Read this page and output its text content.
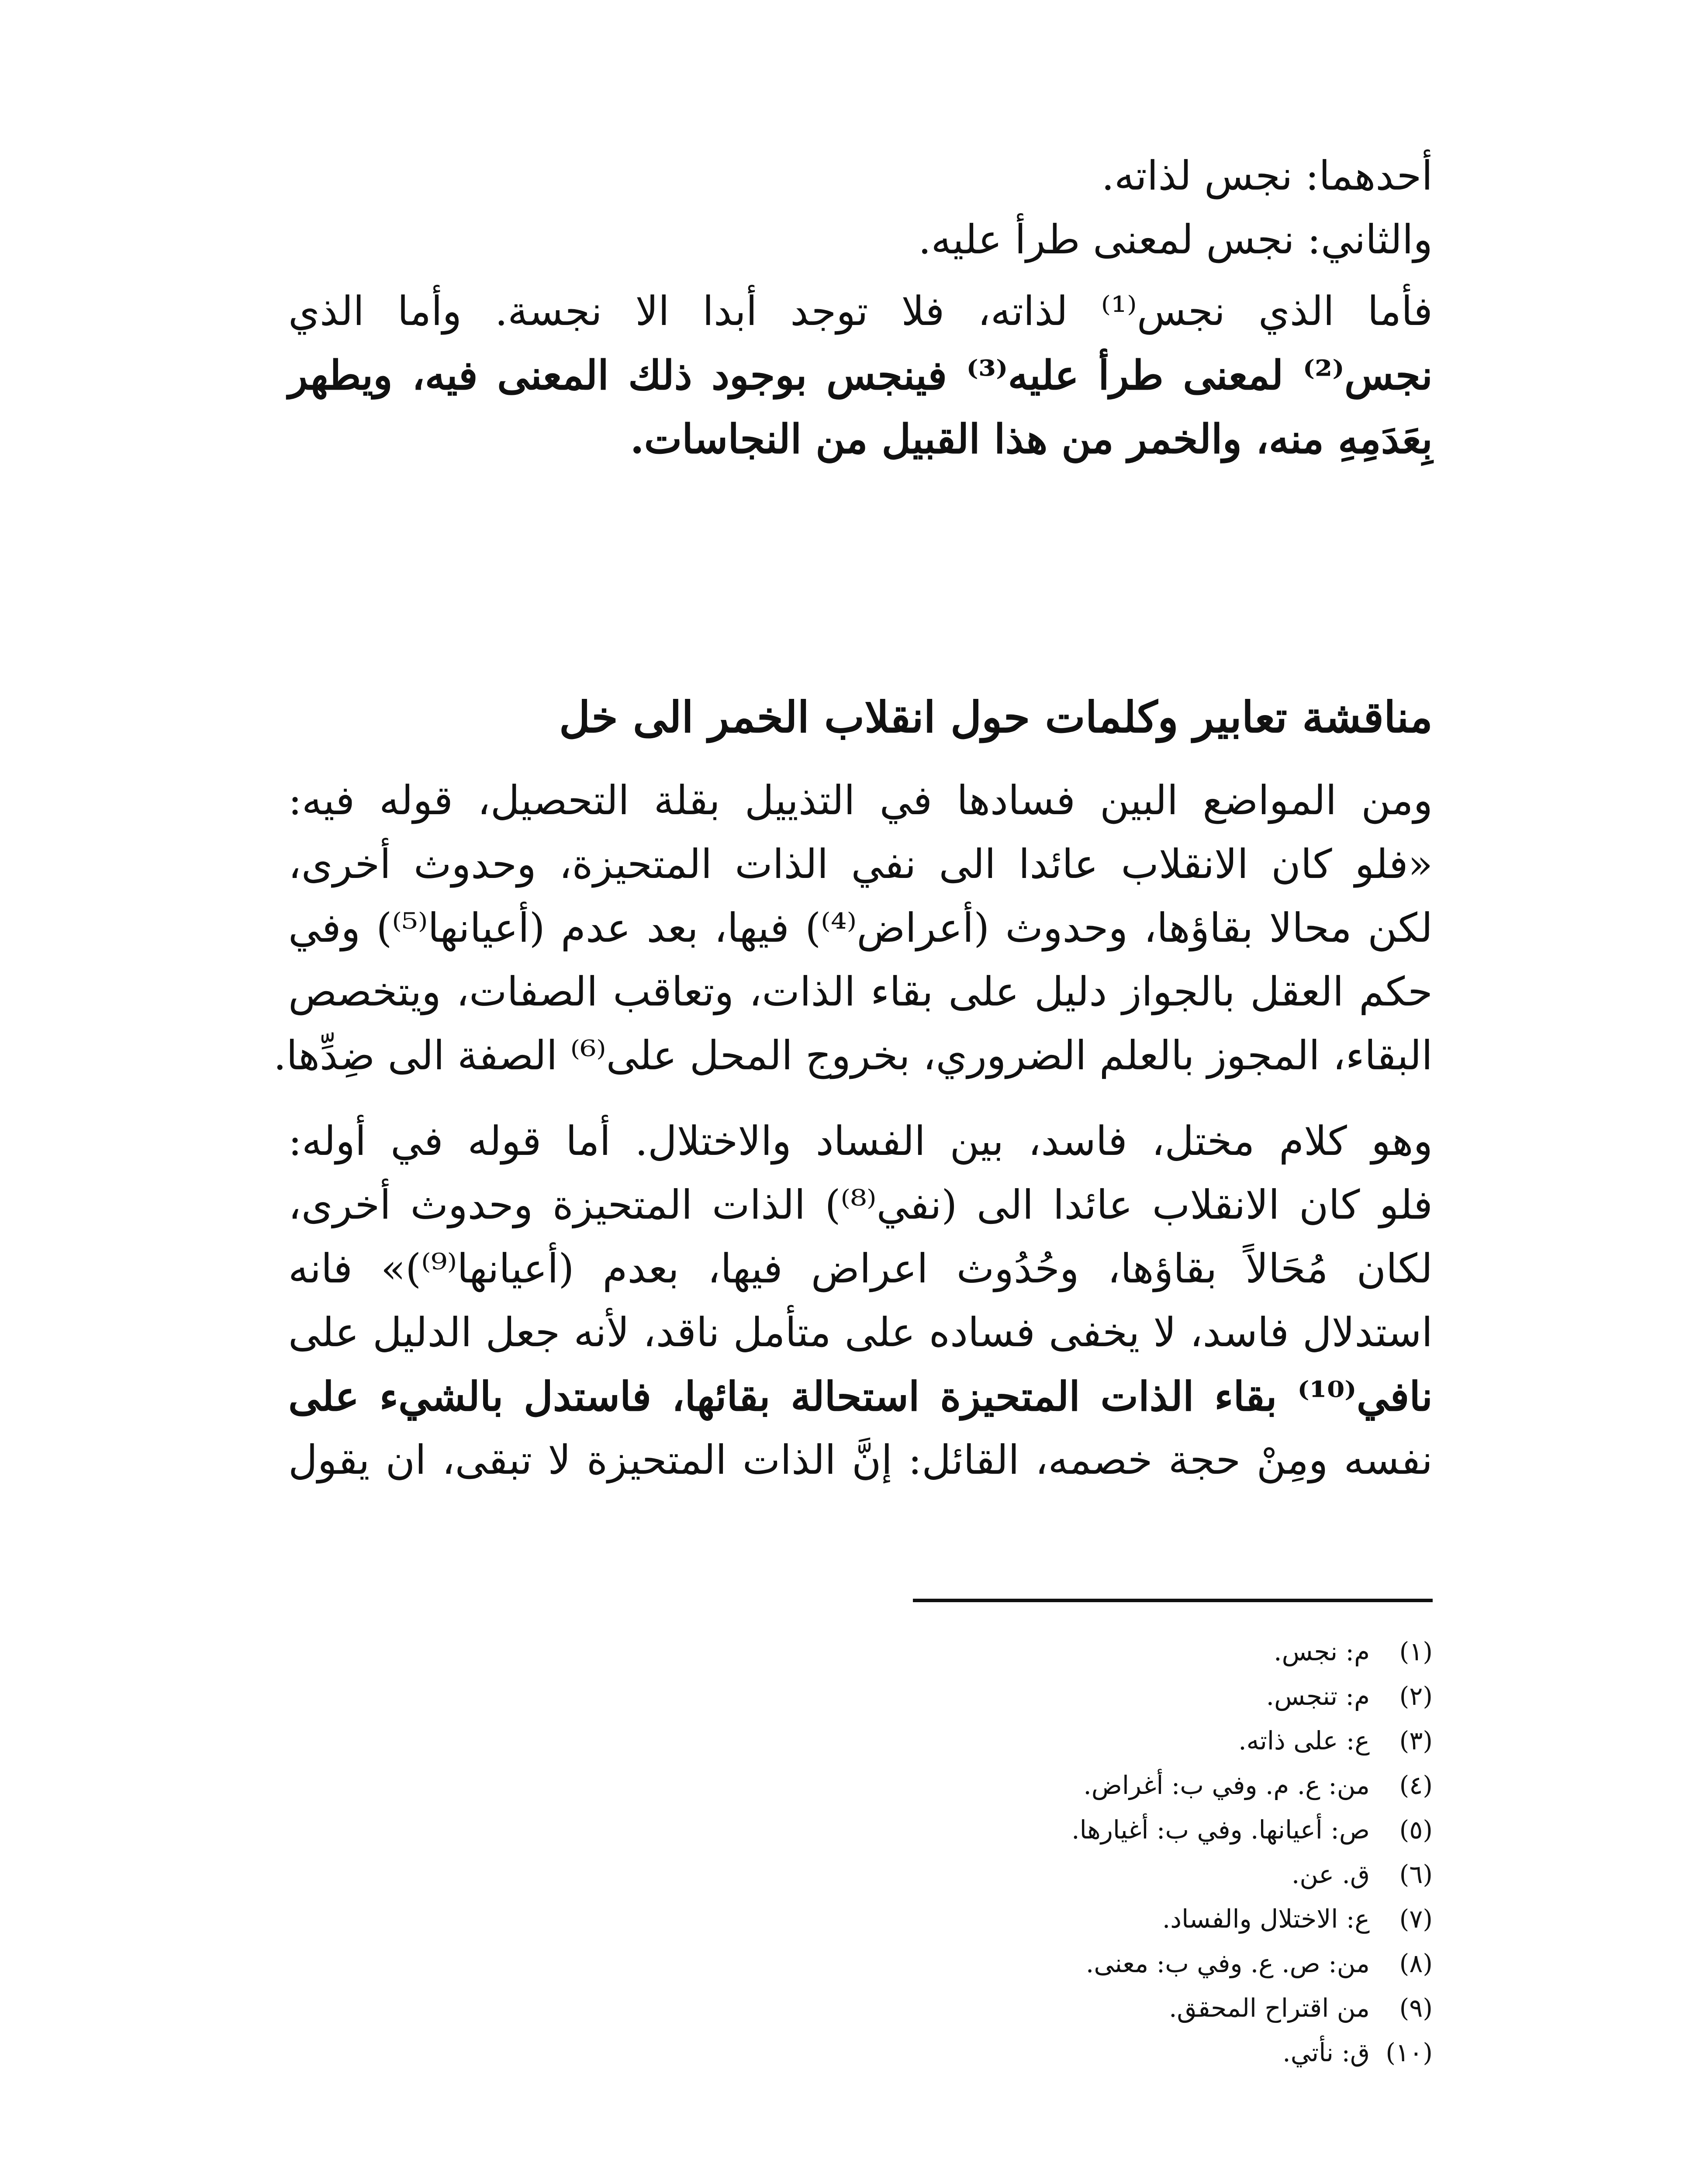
أحدهما: نجس لذاته.
والثاني: نجس لمعنى طرأ عليه.
فأما الذي نجس⁽¹⁾ لذاته، فلا توجد أبدا الا نجسة. وأما الذي
نجس⁽²⁾ لمعنى طرأ عليه⁽³⁾ فينجس بوجود ذلك المعنى فيه، ويطهر
بِعَدَمِهِ منه، والخمر من هذا القبيل من النجاسات.
مناقشة تعابير وكلمات حول انقلاب الخمر الى خل
ومن المواضع البين فسادها في التذييل بقلة التحصيل، قوله فيه:
«فلو كان الانقلاب عائدا الى نفي الذات المتحيزة، وحدوث أخرى،
لكن محالا بقاؤها، وحدوث (أعراض⁽⁴⁾) فيها، بعد عدم (أعيانها⁽⁵⁾) وفي
حكم العقل بالجواز دليل على بقاء الذات، وتعاقب الصفات، ويتخصص
البقاء، المجوز بالعلم الضروري، بخروج المحل على⁽⁶⁾ الصفة الى ضِدِّها.
وهو كلام مختل، فاسد، بين الفساد والاختلال. أما قوله في أوله:
فلو كان الانقلاب عائدا الى (نفي⁽⁸⁾) الذات المتحيزة وحدوث أخرى،
لكان مُحَالاً بقاؤها، وحُدُوث اعراض فيها، بعدم (أعيانها⁽⁹⁾)» فانه
استدلال فاسد، لا يخفى فساده على متأمل ناقد، لأنه جعل الدليل على
نافي⁽¹⁰⁾ بقاء الذات المتحيزة استحالة بقائها، فاستدل بالشيء على
نفسه ومِنْ حجة خصمه، القائل: إنَّ الذات المتحيزة لا تبقى، ان يقول
(١)م: نجس.
(٢)م: تنجس.
(٣)ع: على ذاته.
(٤)من: ع. م. وفي ب: أغراض.
(٥)ص: أعيانها. وفي ب: أغيارها.
(٦)ق. عن.
(٧)ع: الاختلال والفساد.
(٨)من: ص. ع. وفي ب: معنى.
(٩)من اقتراح المحقق.
(١٠)ق: نأتي.
